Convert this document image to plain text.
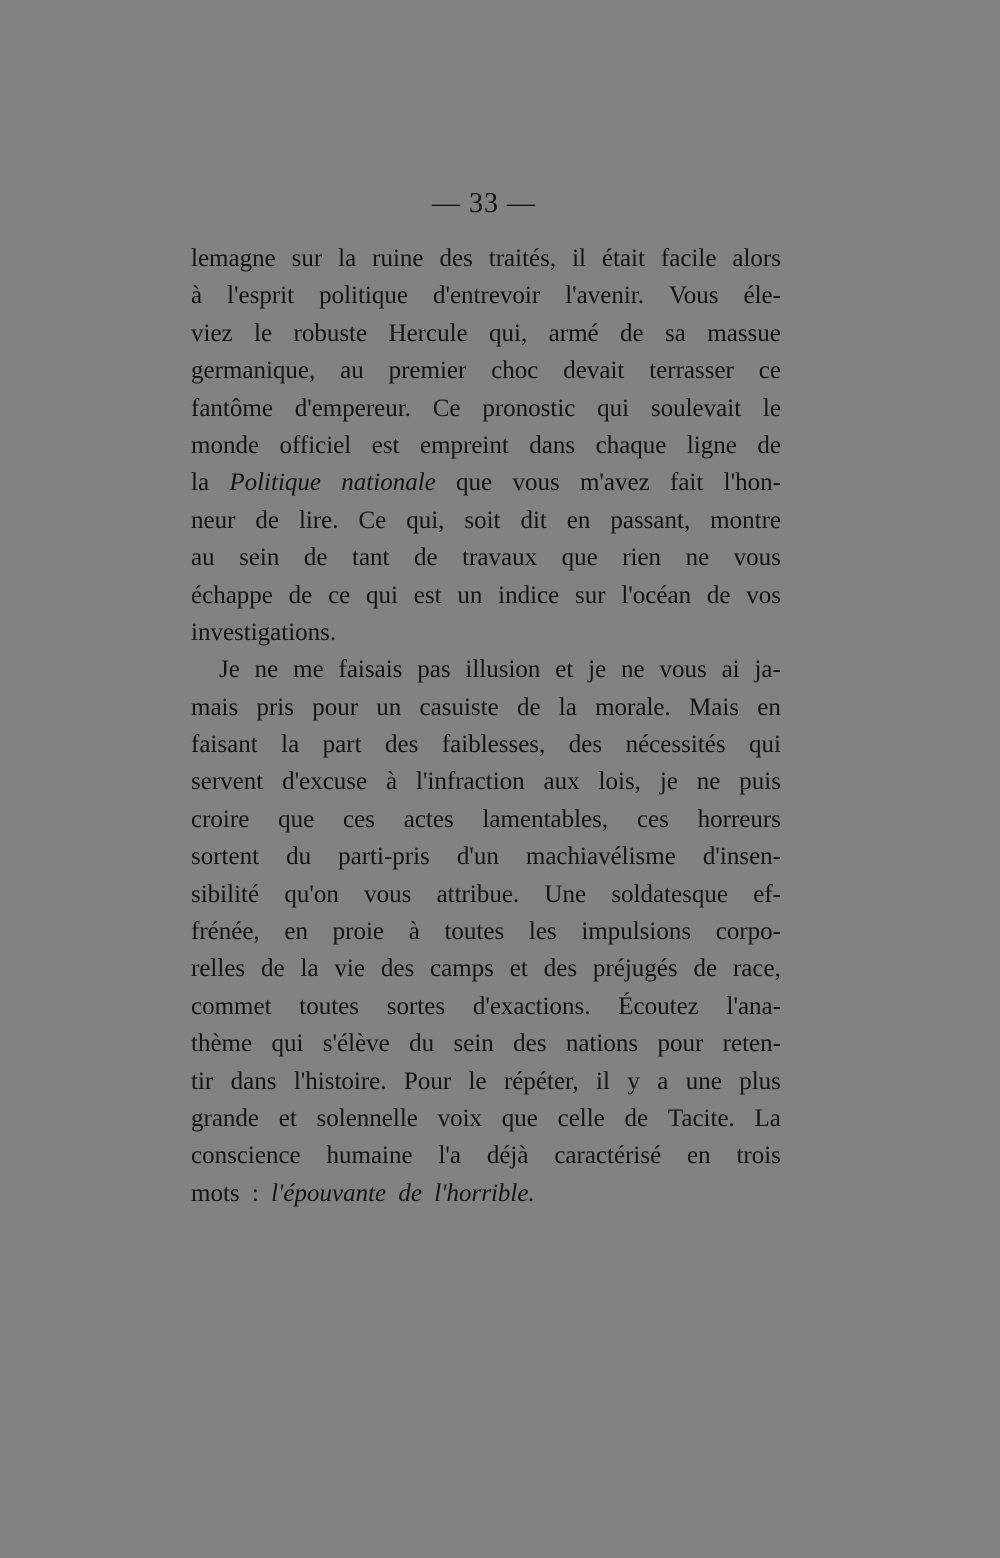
— 33 —
lemagne sur la ruine des traités, il était facile alors
à l'esprit politique d'entrevoir l'avenir. Vous éle-
viez le robuste Hercule qui, armé de sa massue
germanique, au premier choc devait terrasser ce
fantôme d'empereur. Ce pronostic qui soulevait le
monde officiel est empreint dans chaque ligne de
la Politique nationale que vous m'avez fait l'hon-
neur de lire. Ce qui, soit dit en passant, montre
au sein de tant de travaux que rien ne vous
échappe de ce qui est un indice sur l'océan de vos
investigations.
Je ne me faisais pas illusion et je ne vous ai ja-
mais pris pour un casuiste de la morale. Mais en
faisant la part des faiblesses, des nécessités qui
servent d'excuse à l'infraction aux lois, je ne puis
croire que ces actes lamentables, ces horreurs
sortent du parti-pris d'un machiavélisme d'insen-
sibilité qu'on vous attribue. Une soldatesque ef-
frénée, en proie à toutes les impulsions corpo-
relles de la vie des camps et des préjugés de race,
commet toutes sortes d'exactions. Écoutez l'ana-
thème qui s'élève du sein des nations pour reten-
tir dans l'histoire. Pour le répéter, il y a une plus
grande et solennelle voix que celle de Tacite. La
conscience humaine l'a déjà caractérisé en trois
mots : l'épouvante de l'horrible.
